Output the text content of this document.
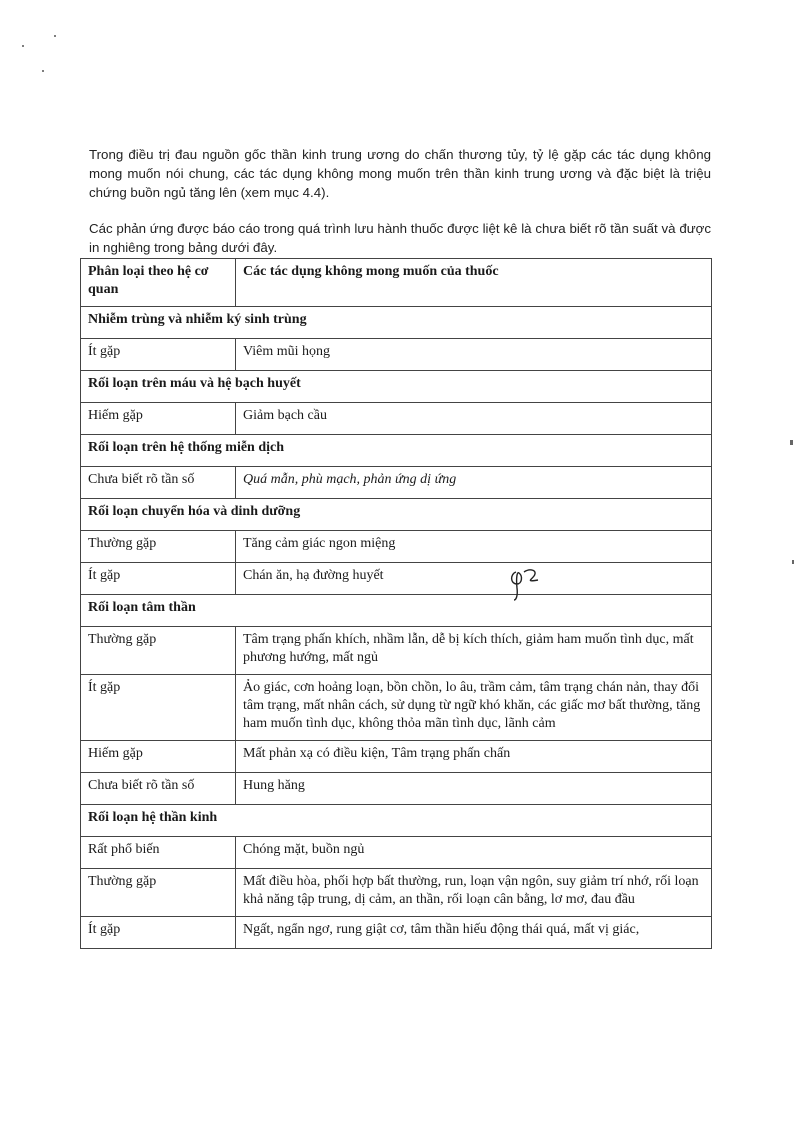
Trong điều trị đau nguồn gốc thần kinh trung ương do chấn thương tủy, tỷ lệ gặp các tác dụng không mong muốn nói chung, các tác dụng không mong muốn trên thần kinh trung ương và đặc biệt là triệu chứng buồn ngủ tăng lên (xem mục 4.4).
Các phản ứng được báo cáo trong quá trình lưu hành thuốc được liệt kê là chưa biết rõ tần suất và được in nghiêng trong bảng dưới đây.
Phân loại theo hệ cơ quan	Các tác dụng không mong muốn của thuốc
Nhiễm trùng và nhiễm ký sinh trùng	
Ít gặp	Viêm mũi họng
Rối loạn trên máu và hệ bạch huyết	
Hiếm gặp	Giảm bạch cầu
Rối loạn trên hệ thống miễn dịch	
Chưa biết rõ tần số	Quá mẫn, phù mạch, phản ứng dị ứng
Rối loạn chuyển hóa và dinh dưỡng	
Thường gặp	Tăng cảm giác ngon miệng
Ít gặp	Chán ăn, hạ đường huyết
Rối loạn tâm thần	
Thường gặp	Tâm trạng phấn khích, nhầm lẫn, dễ bị kích thích, giảm ham muốn tình dục, mất phương hướng, mất ngủ
Ít gặp	Ảo giác, cơn hoảng loạn, bồn chồn, lo âu, trầm cảm, tâm trạng chán nản, thay đổi tâm trạng, mất nhân cách, sử dụng từ ngữ khó khăn, các giấc mơ bất thường, tăng ham muốn tình dục, không thỏa mãn tình dục, lãnh cảm
Hiếm gặp	Mất phản xạ có điều kiện, Tâm trạng phấn chấn
Chưa biết rõ tần số	Hung hăng
Rối loạn hệ thần kinh	
Rất phổ biến	Chóng mặt, buồn ngủ
Thường gặp	Mất điều hòa, phối hợp bất thường, run, loạn vận ngôn, suy giảm trí nhớ, rối loạn khả năng tập trung, dị cảm, an thần, rối loạn cân bằng, lơ mơ, đau đầu
Ít gặp	Ngất, ngẩn ngơ, rung giật cơ, tâm thần hiếu động thái quá, mất vị giác,
